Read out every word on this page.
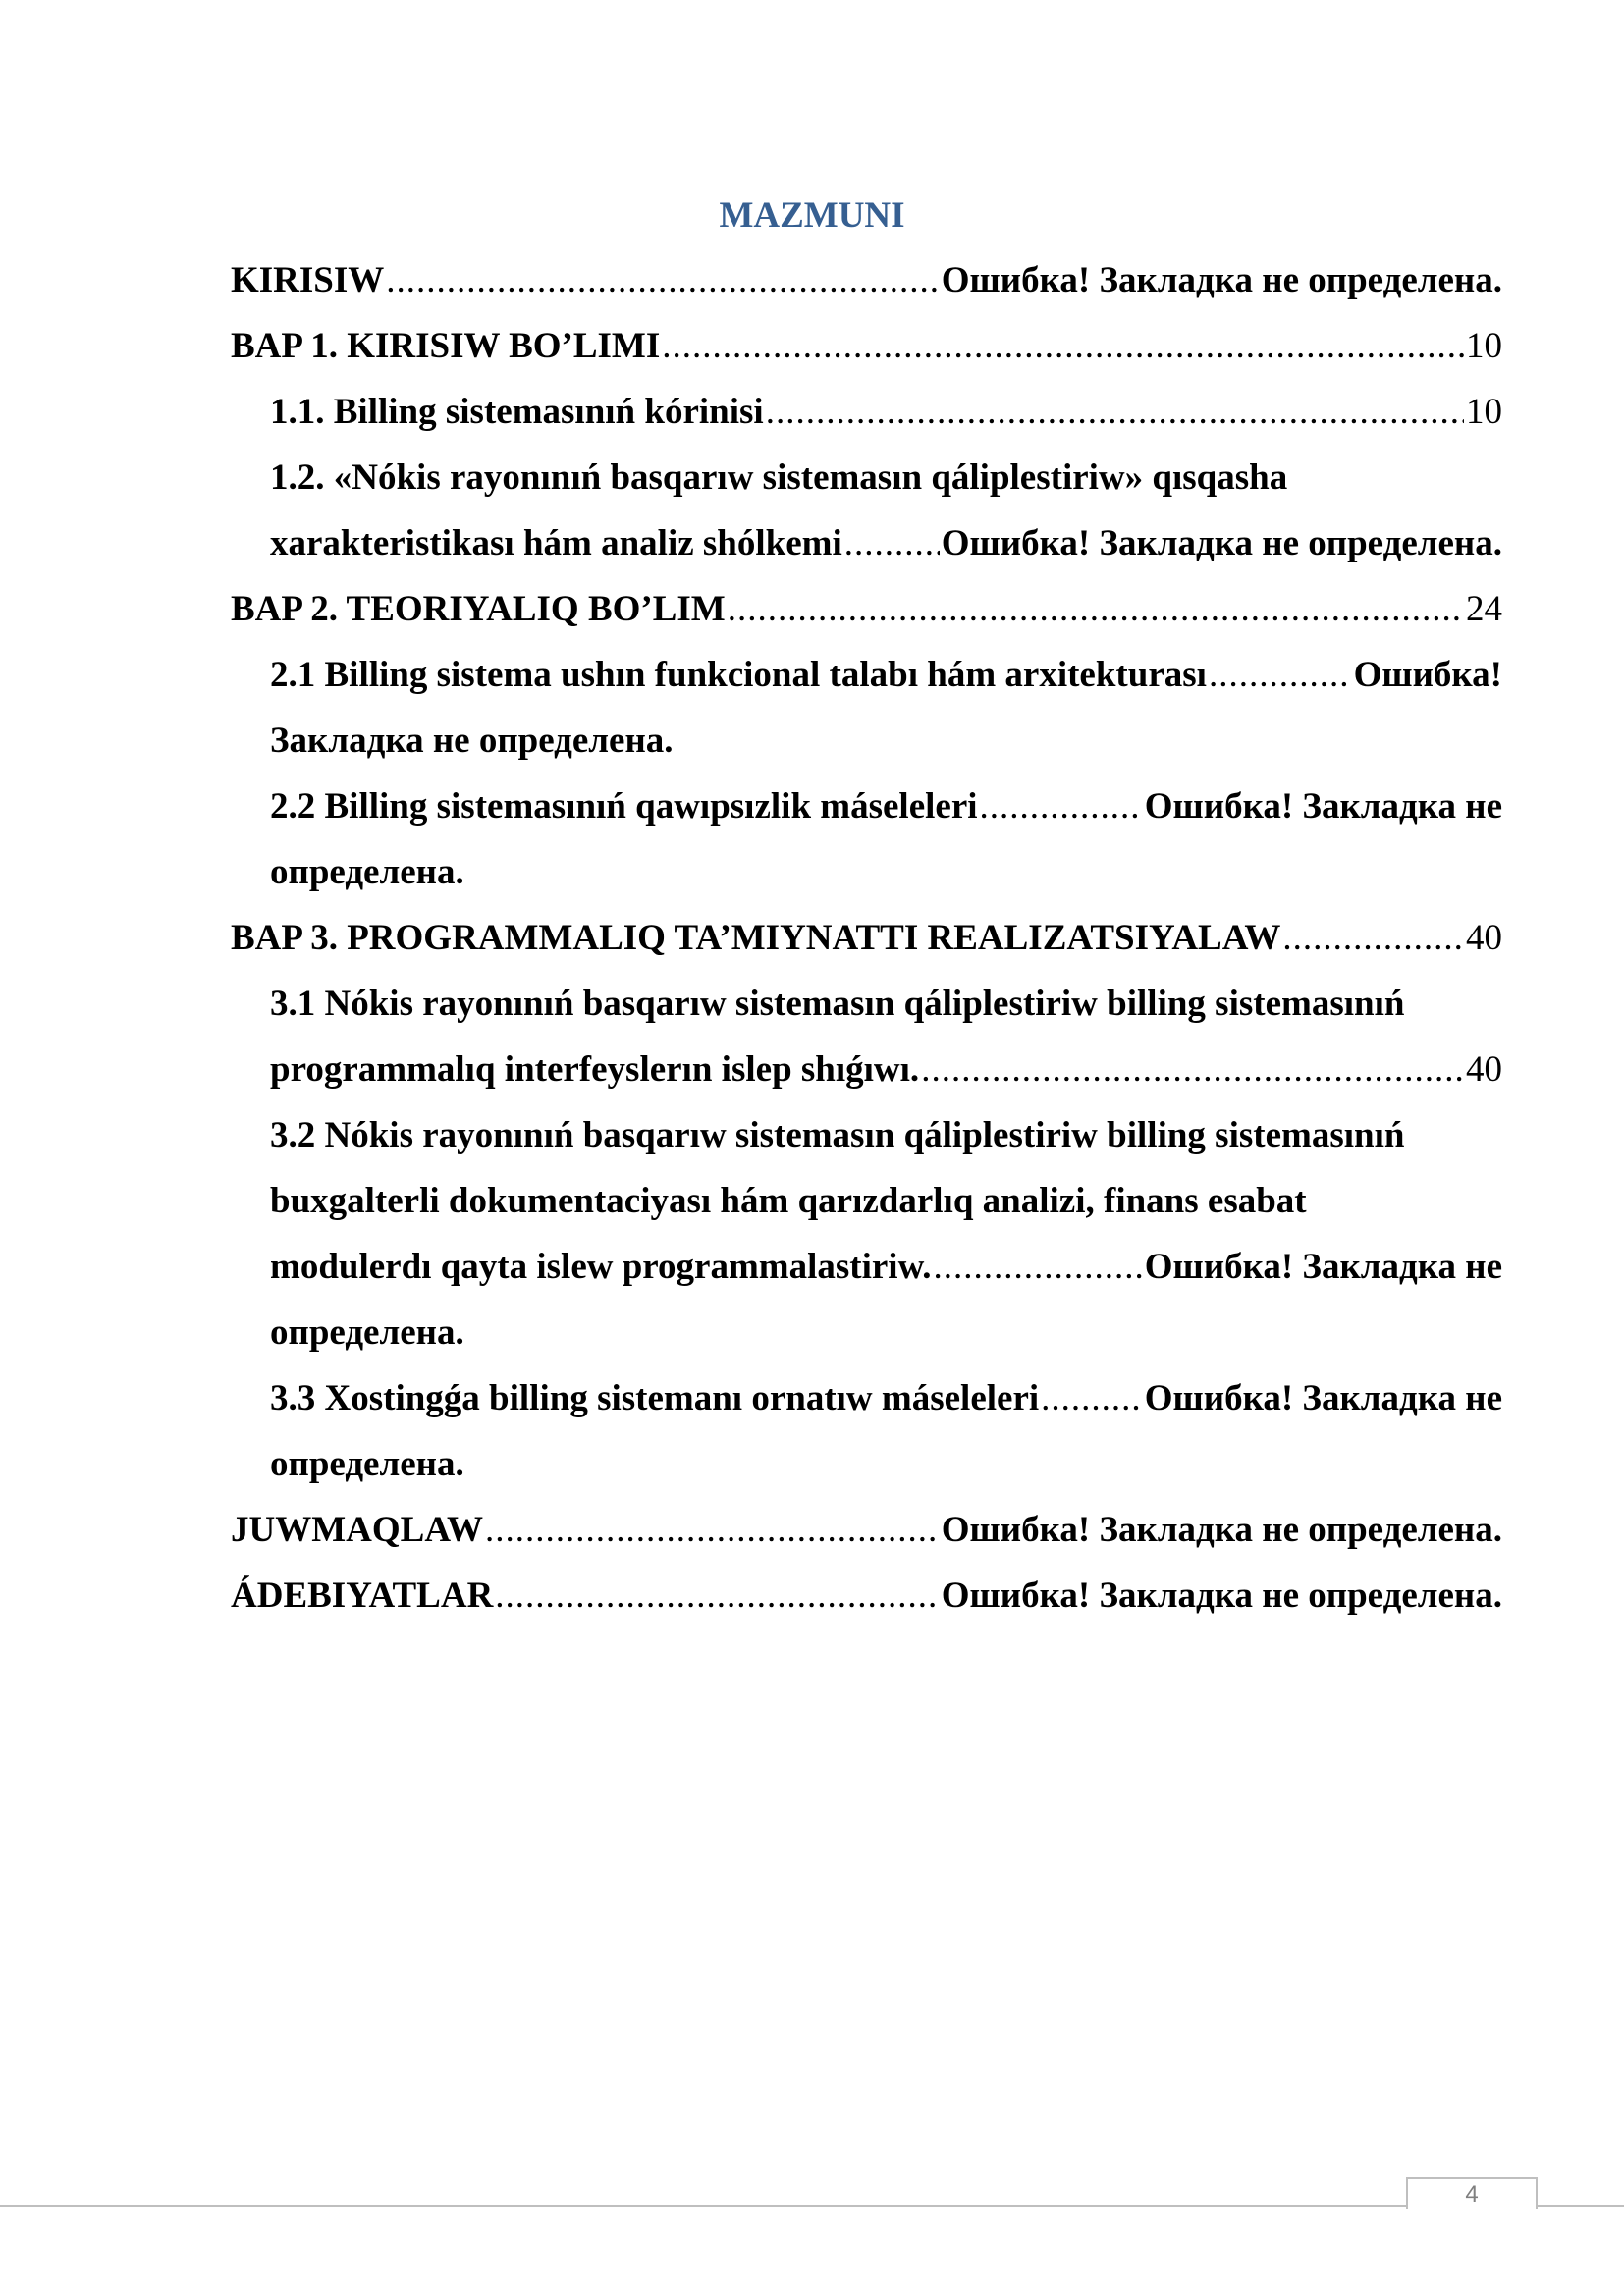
MAZMUNI
KIRISIW .....	Ошибка! Закладка не определена.
BAP 1. KIRISIW BO’LIMI .....	10
1.1. Billing sistemasınıń kórinisi .....	10
1.2. «Nókis rayonınıń basqarıw sistemasın qáliplestiriw» qısqasha
xarakteristikası hám analiz shólkemi .....	Ошибка! Закладка не определена.
BAP 2. TEORIYALIQ BO’LIM .....	24
2.1 Billing sistema ushın funkcional talabı hám arxitekturası .....	Ошибка!
Закладка не определена.
2.2 Billing sistemasınıń qawıpsızlik máseleleri .....	Ошибка! Закладка не
определена.
BAP 3. PROGRAMMALIQ TA’MIYNATTI REALIZATSIYALAW .....	40
3.1 Nókis rayonınıń basqarıw sistemasın qáliplestiriw billing sistemasınıń
programmalıq interfeyslerın islep shıǵıwı. .....	40
3.2 Nókis rayonınıń basqarıw sistemasın qáliplestiriw billing sistemasınıń
buxgalterli dokumentaciyası hám qarızdarlıq analizi, finans esabat
modulerdı qayta islew programmalastiriw. .....	Ошибка! Закладка не
определена.
3.3 Xostingǵa billing sistemanı ornatıw máseleleri .....	Ошибка! Закладка не
определена.
JUWMAQLAW .....	Ошибка! Закладка не определена.
ÁDEBIYATLAR .....	Ошибка! Закладка не определена.
4
